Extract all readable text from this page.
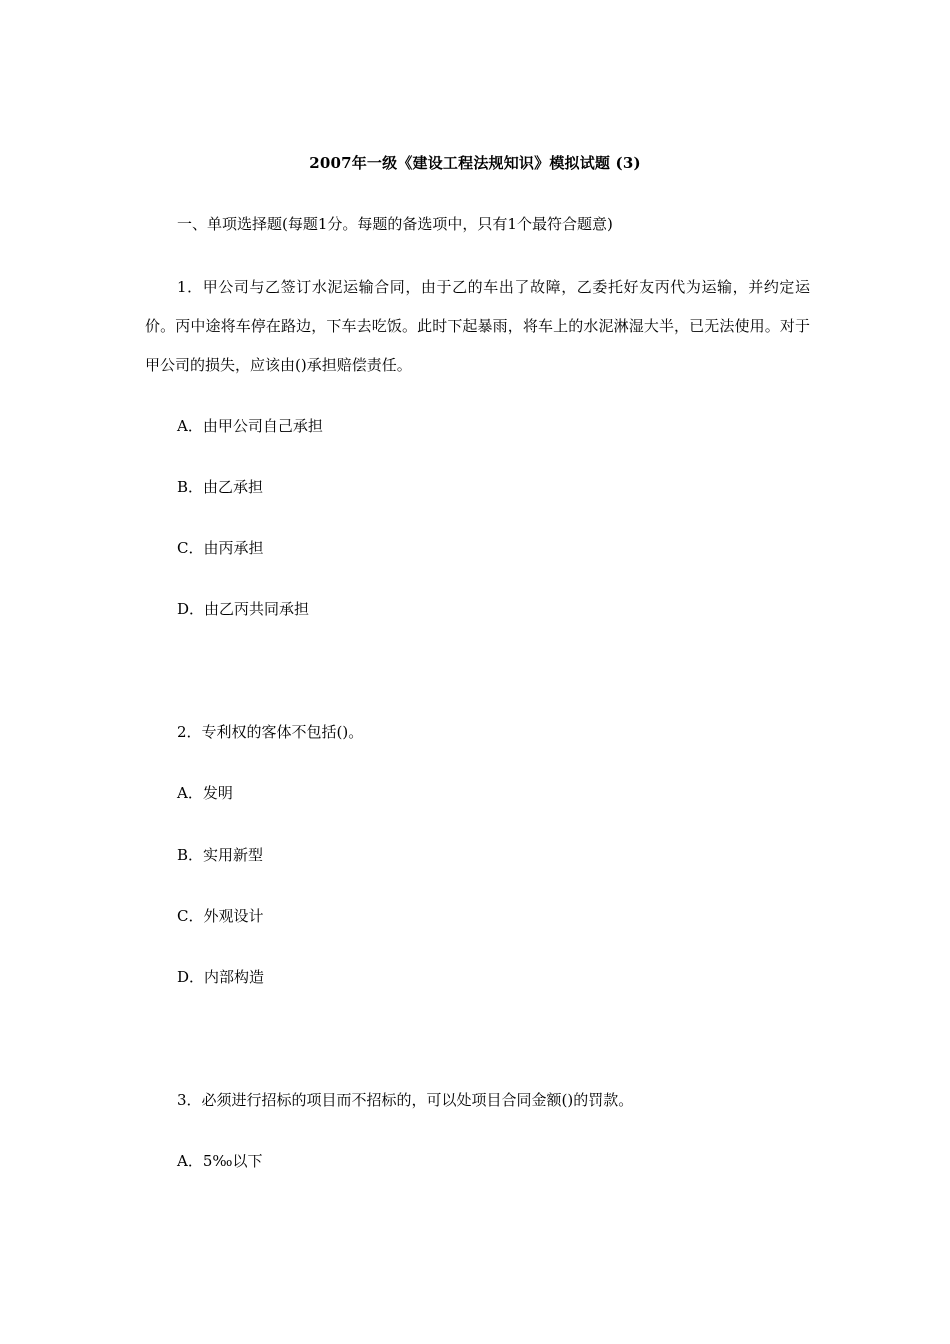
2007年一级《建设工程法规知识》模拟试题 (3)
一、单项选择题(每题1分。每题的备选项中，只有1个最符合题意)
1．甲公司与乙签订水泥运输合同，由于乙的车出了故障，乙委托好友丙代为运输，并约定运价。丙中途将车停在路边，下车去吃饭。此时下起暴雨，将车上的水泥淋湿大半，已无法使用。对于甲公司的损失，应该由()承担赔偿责任。
A．由甲公司自己承担
B．由乙承担
C．由丙承担
D．由乙丙共同承担
2．专利权的客体不包括()。
A．发明
B．实用新型
C．外观设计
D．内部构造
3．必须进行招标的项目而不招标的，可以处项目合同金额()的罚款。
A．5‰以下
